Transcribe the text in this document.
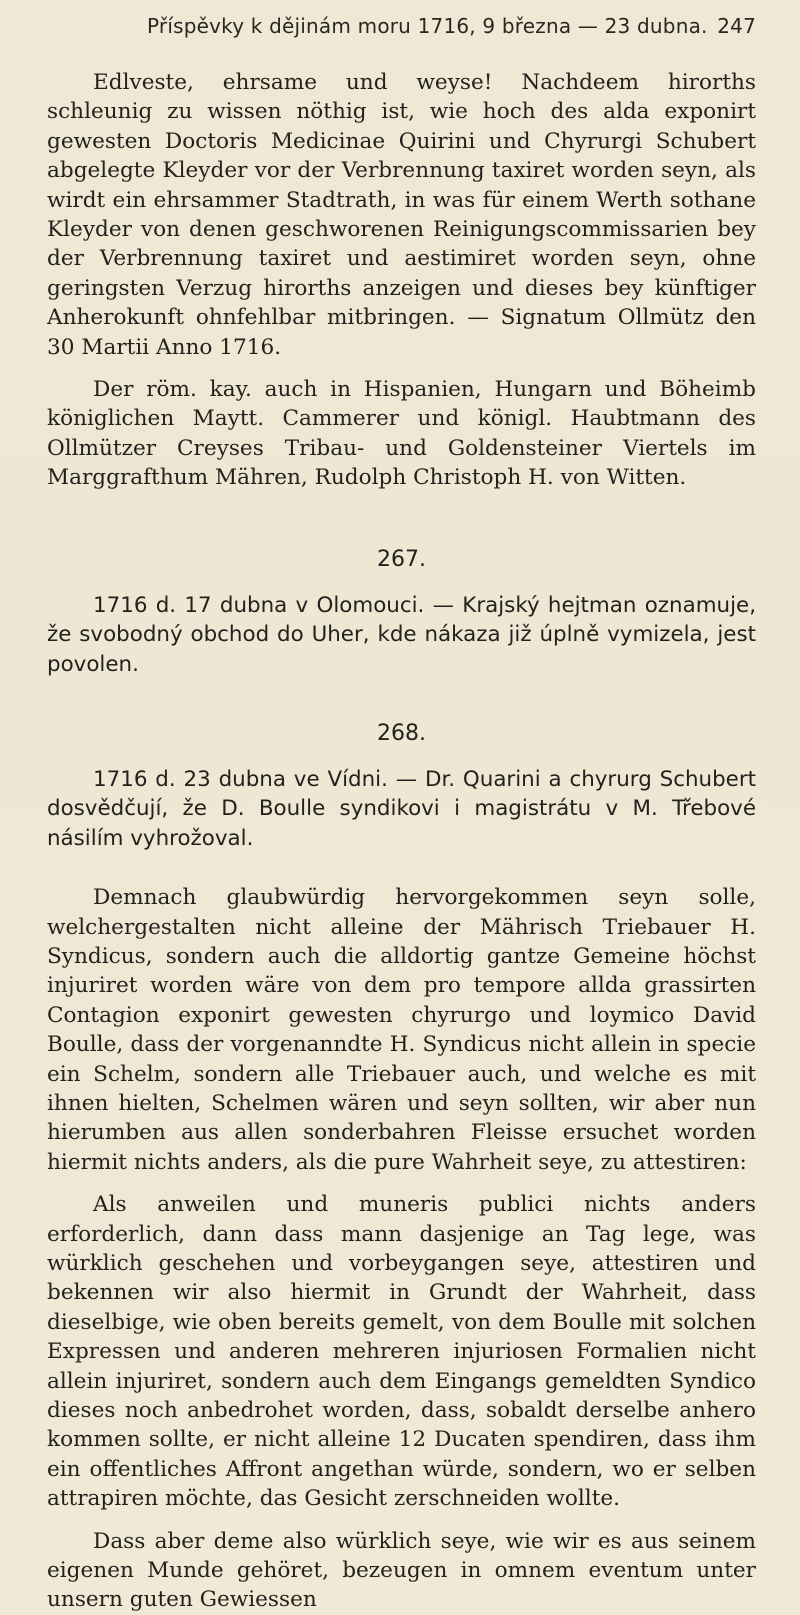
Příspěvky k dějinám moru 1716, 9 března — 23 dubna. 247

Edlveste, ehrsame und weyse! Nachdeem hirorths schleunig zu wissen nöthig ist, wie hoch des alda exponirt gewesten Doctoris Medicinae Quirini und Chyrurgi Schubert abgelegte Kleyder vor der Verbrennung taxiret worden seyn, als wirdt ein ehrsammer Stadtrath, in was für einem Werth sothane Kleyder von denen geschworenen Reinigungscommissarien bey der Verbrennung taxiret und aestimiret worden seyn, ohne geringsten Verzug hirorths anzeigen und dieses bey künftiger Anherokunft ohnfehlbar mitbringen. — Signatum Ollmütz den 30 Martii Anno 1716.

Der röm. kay. auch in Hispanien, Hungarn und Böheimb königlichen Maytt. Cammerer und königl. Haubtmann des Ollmützer Creyses Tribau- und Goldensteiner Viertels im Marggrafthum Mähren, Rudolph Christoph H. von Witten.

267.

1716 d. 17 dubna v Olomouci. — Krajský hejtman oznamuje, že svobodný obchod do Uher, kde nákaza již úplně vymizela, jest povolen.

268.

1716 d. 23 dubna ve Vídni. — Dr. Quarini a chyrurg Schubert dosvědčují, že D. Boulle syndikovi i magistrátu v M. Třebové násilím vyhrožoval.

Demnach glaubwürdig hervorgekommen seyn solle, welchergestalten nicht alleine der Mährisch Triebauer H. Syndicus, sondern auch die alldortig gantze Gemeine höchst injuriret worden wäre von dem pro tempore allda grassirten Contagion exponirt gewesten chyrurgo und loymico David Boulle, dass der vorgenanndte H. Syndicus nicht allein in specie ein Schelm, sondern alle Triebauer auch, und welche es mit ihnen hielten, Schelmen wären und seyn sollten, wir aber nun hierumben aus allen sonderbahren Fleisse ersuchet worden hiermit nichts anders, als die pure Wahrheit seye, zu attestiren:

Als anweilen und muneris publici nichts anders erforderlich, dann dass mann dasjenige an Tag lege, was würklich geschehen und vorbeygangen seye, attestiren und bekennen wir also hiermit in Grundt der Wahrheit, dass dieselbige, wie oben bereits gemelt, von dem Boulle mit solchen Expressen und anderen mehreren injuriosen Formalien nicht allein injuriret, sondern auch dem Eingangs gemeldten Syndico dieses noch anbedrohet worden, dass, sobaldt derselbe anhero kommen sollte, er nicht alleine 12 Ducaten spendiren, dass ihm ein offentliches Affront angethan würde, sondern, wo er selben attrapiren möchte, das Gesicht zerschneiden wollte.

Dass aber deme also würklich seye, wie wir es aus seinem eigenen Munde gehöret, bezeugen in omnem eventum unter unsern guten Gewiessen
